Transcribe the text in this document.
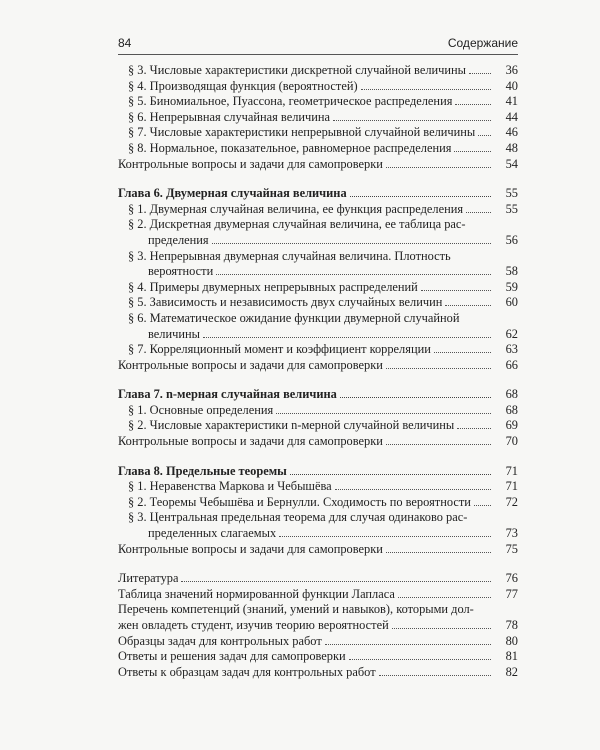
84	Содержание
§ 3. Числовые характеристики дискретной случайной величины	36
§ 4. Производящая функция (вероятностей)	40
§ 5. Биномиальное, Пуассона, геометрическое распределения	41
§ 6. Непрерывная случайная величина	44
§ 7. Числовые характеристики непрерывной случайной величины	46
§ 8. Нормальное, показательное, равномерное распределения	48
Контрольные вопросы и задачи для самопроверки	54
Глава 6. Двумерная случайная величина	55
§ 1. Двумерная случайная величина, ее функция распределения	55
§ 2. Дискретная двумерная случайная величина, ее таблица рас-
пределения	56
§ 3. Непрерывная двумерная случайная величина. Плотность
вероятности	58
§ 4. Примеры двумерных непрерывных распределений	59
§ 5. Зависимость и независимость двух случайных величин	60
§ 6. Математическое ожидание функции двумерной случайной
величины	62
§ 7. Корреляционный момент и коэффициент корреляции	63
Контрольные вопросы и задачи для самопроверки	66
Глава 7. n-мерная случайная величина	68
§ 1. Основные определения	68
§ 2. Числовые характеристики n-мерной случайной величины	69
Контрольные вопросы и задачи для самопроверки	70
Глава 8. Предельные теоремы	71
§ 1. Неравенства Маркова и Чебышёва	71
§ 2. Теоремы Чебышёва и Бернулли. Сходимость по вероятности	72
§ 3. Центральная предельная теорема для случая одинаково рас-
пределенных слагаемых	73
Контрольные вопросы и задачи для самопроверки	75
Литература	76
Таблица значений нормированной функции Лапласа	77
Перечень компетенций (знаний, умений и навыков), которыми дол-
жен овладеть студент, изучив теорию вероятностей	78
Образцы задач для контрольных работ	80
Ответы и решения задач для самопроверки	81
Ответы к образцам задач для контрольных работ	82
